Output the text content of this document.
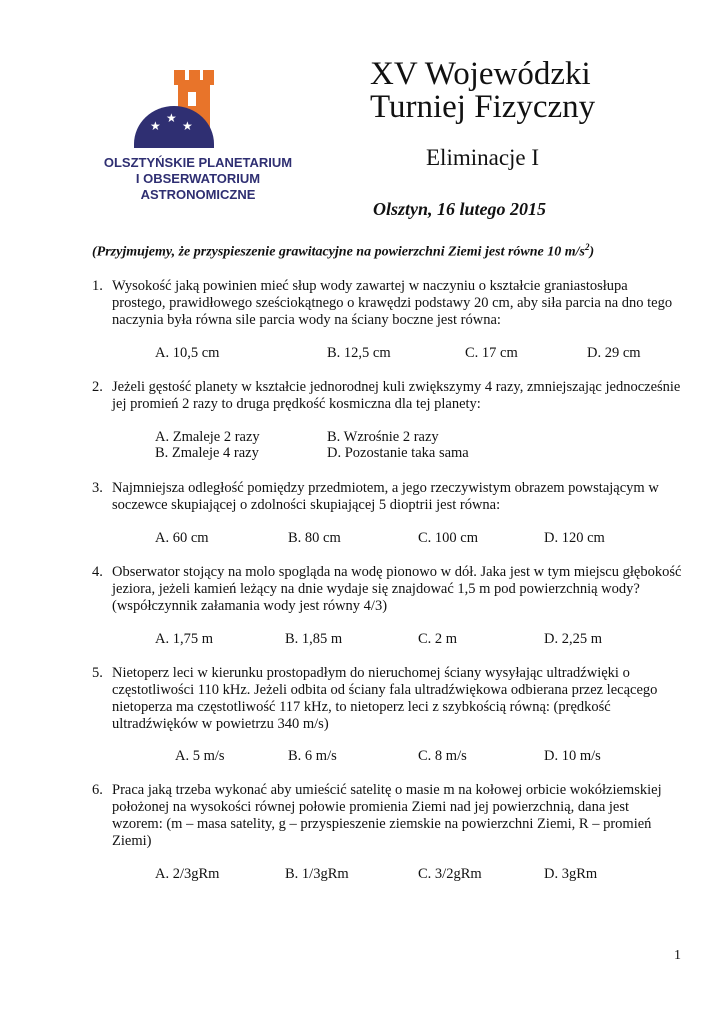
★
★
★
OLSZTYŃSKIE PLANETARIUM
I OBSERWATORIUM
ASTRONOMICZNE
XV Wojewódzki
Turniej Fizyczny
Eliminacje I
Olsztyn, 16 lutego 2015
(Przyjmujemy, że przyspieszenie grawitacyjne na powierzchni Ziemi jest równe 10 $m/s^2$)
1. Wysokość jaką powinien mieć słup wody zawartej w naczyniu o kształcie graniastosłupa prostego, prawidłowego sześciokątnego o krawędzi podstawy 20 cm, aby siła parcia na dno tego naczynia była równa sile parcia wody na ściany boczne jest równa:
A. 10,5 cm	B. 12,5 cm	C. 17 cm	D. 29 cm
2. Jeżeli gęstość planety w kształcie jednorodnej kuli zwiększymy 4 razy, zmniejszając jednocześnie jej promień 2 razy to druga prędkość kosmiczna dla tej planety:
A. Zmaleje 2 razy	B. Wzrośnie 2 razy
B. Zmaleje 4 razy	D. Pozostanie taka sama
3. Najmniejsza odległość pomiędzy przedmiotem, a jego rzeczywistym obrazem powstającym w soczewce skupiającej o zdolności skupiającej 5 dioptrii jest równa:
A. 60 cm	B. 80 cm	C. 100 cm	D. 120 cm
4. Obserwator stojący na molo spogląda na wodę pionowo w dół. Jaka jest w tym miejscu głębokość jeziora, jeżeli kamień leżący na dnie wydaje się znajdować 1,5 m pod powierzchnią wody? (współczynnik załamania wody jest równy 4/3)
A. 1,75 m	B. 1,85 m	C. 2 m	D. 2,25 m
5. Nietoperz leci w kierunku prostopadłym do nieruchomej ściany wysyłając ultradźwięki o częstotliwości 110 kHz. Jeżeli odbita od ściany fala ultradźwiękowa odbierana przez lecącego nietoperza ma częstotliwość 117 kHz, to nietoperz leci z szybkością równą: (prędkość ultradźwięków w powietrzu 340 m/s)
A. 5 m/s	B. 6 m/s	C. 8 m/s	D. 10 m/s
6. Praca jaką trzeba wykonać aby umieścić satelitę o masie m na kołowej orbicie wokółziemskiej położonej na wysokości równej połowie promienia Ziemi nad jej powierzchnią, dana jest wzorem: (m – masa satelity, g – przyspieszenie ziemskie na powierzchni Ziemi, R – promień Ziemi)
A. 2/3gRm	B. 1/3gRm	C. 3/2gRm	D. 3gRm
1
